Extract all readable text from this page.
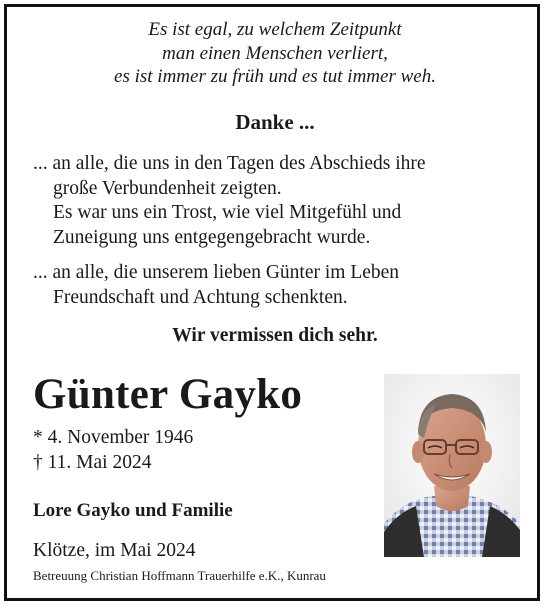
Es ist egal, zu welchem Zeitpunkt
man einen Menschen verliert,
es ist immer zu früh und es tut immer weh.
Danke ...
... an alle, die uns in den Tagen des Abschieds ihre
große Verbundenheit zeigten.
Es war uns ein Trost, wie viel Mitgefühl und
Zuneigung uns entgegengebracht wurde.
... an alle, die unserem lieben Günter im Leben
Freundschaft und Achtung schenkten.
Wir vermissen dich sehr.
Günter Gayko
* 4. November 1946
† 11. Mai 2024
Lore Gayko und Familie
Klötze, im Mai 2024
Betreuung Christian Hoffmann Trauerhilfe e.K., Kunrau
